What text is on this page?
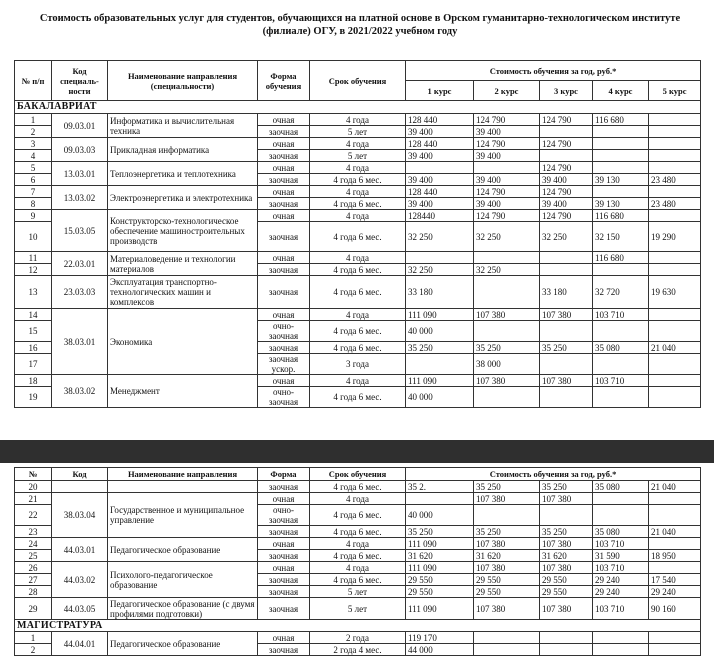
Стоимость образовательных услуг для студентов, обучающихся на платной основе в Орском гуманитарно-технологическом институте
(филиале) ОГУ, в 2021/2022 учебном году
№ п/п	Код специаль- ности	Наименование направления (специальности)	Форма обучения	Срок обучения	Стоимость обучения за год, руб.*				
					1 курс	2 курс	3 курс	4 курс	5 курс
БАКАЛАВРИАТ									
1	09.03.01	Информатика и вычислительная техника	очная	4 года	128 440	124 790	124 790	116 680	
2			заочная	5 лет	39 400	39 400			
3	09.03.03	Прикладная информатика	очная	4 года	128 440	124 790	124 790		
4			заочная	5 лет	39 400	39 400			
5	13.03.01	Теплоэнергетика и теплотехника	очная	4 года			124 790		
6			заочная	4 года 6 мес.	39 400	39 400	39 400	39 130	23 480
7	13.03.02	Электроэнергетика и электротехника	очная	4 года	128 440	124 790	124 790		
8			заочная	4 года 6 мес.	39 400	39 400	39 400	39 130	23 480
9	15.03.05	Конструкторско-технологическое обеспечение машиностроительных производств	очная	4 года	128440	124 790	124 790	116 680	
10			заочная	4 года 6 мес.	32 250	32 250	32 250	32 150	19 290
11	22.03.01	Материаловедение и технологии материалов	очная	4 года				116 680	
12			заочная	4 года 6 мес.	32 250	32 250			
13	23.03.03	Эксплуатация транспортно-технологических машин и комплексов	заочная	4 года 6 мес.	33 180		33 180	32 720	19 630
14	38.03.01	Экономика	очная	4 года	111 090	107 380	107 380	103 710	
15			очно-заочная	4 года 6 мес.	40 000				
16			заочная	4 года 6 мес.	35 250	35 250	35 250	35 080	21 040
17			заочная ускор.	3 года		38 000			
18	38.03.02	Менеджмент	очная	4 года	111 090	107 380	107 380	103 710	
19			очно-заочная	4 года 6 мес.	40 000				
№	Код	Наименование направления	Форма	Срок обучения	Стоимость обучения за год, руб.*				
20			заочная	4 года 6 мес.	35 2.	35 250	35 250	35 080	21 040
21	38.03.04	Государственное и муниципальное управление	очная	4 года		107 380	107 380		
22			очно-заочная	4 года 6 мес.	40 000				
23			заочная	4 года 6 мес.	35 250	35 250	35 250	35 080	21 040
24	44.03.01	Педагогическое образование	очная	4 года	111 090	107 380	107 380	103 710	
25			заочная	4 года 6 мес.	31 620	31 620	31 620	31 590	18 950
26	44.03.02	Психолого-педагогическое образование	очная	4 года	111 090	107 380	107 380	103 710	
27			заочная	4 года 6 мес.	29 550	29 550	29 550	29 240	17 540
28			заочная	5 лет	29 550	29 550	29 550	29 240	29 240
29	44.03.05	Педагогическое образование (с двумя профилями подготовки)	заочная	5 лет	111 090	107 380	107 380	103 710	90 160
МАГИСТРАТУРА									
1	44.04.01	Педагогическое образование	очная	2 года	119 170				
2			заочная	2 года 4 мес.	44 000				
